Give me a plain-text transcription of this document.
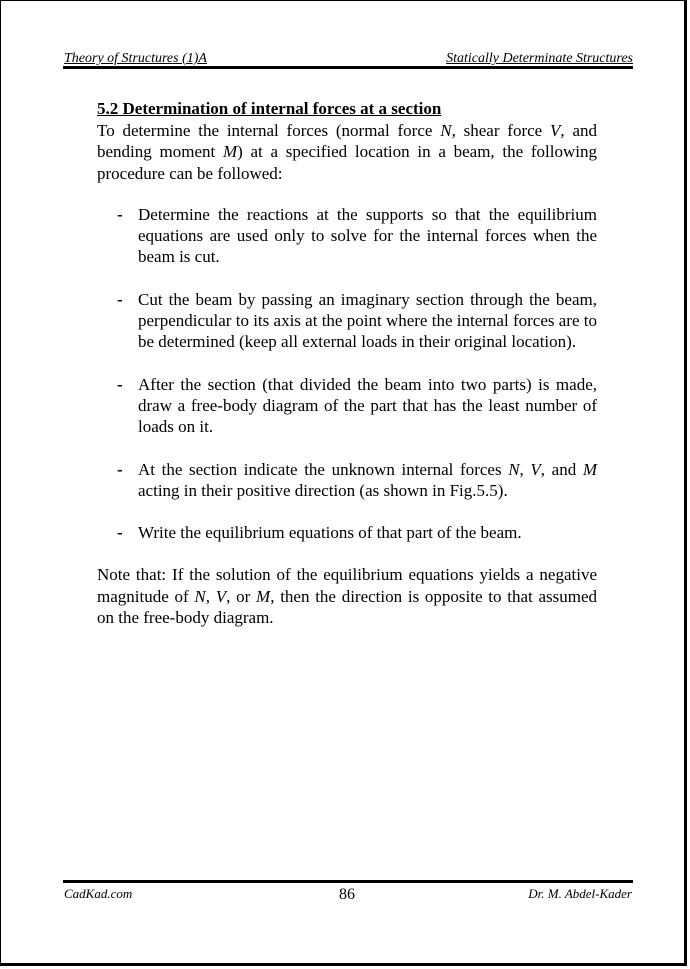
Theory of Structures (1)A	Statically Determinate Structures
5.2 Determination of internal forces at a section

To determine the internal forces (normal force N, shear force V, and bending moment M) at a specified location in a beam, the following procedure can be followed:

- Determine the reactions at the supports so that the equilibrium equations are used only to solve for the internal forces when the beam is cut.
- Cut the beam by passing an imaginary section through the beam, perpendicular to its axis at the point where the internal forces are to be determined (keep all external loads in their original location).
- After the section (that divided the beam into two parts) is made, draw a free-body diagram of the part that has the least number of loads on it.
- At the section indicate the unknown internal forces N, V, and M acting in their positive direction (as shown in Fig.5.5).
- Write the equilibrium equations of that part of the beam.

Note that: If the solution of the equilibrium equations yields a negative magnitude of N, V, or M, then the direction is opposite to that assumed on the free-body diagram.

CadKad.com	86	Dr. M. Abdel-Kader
